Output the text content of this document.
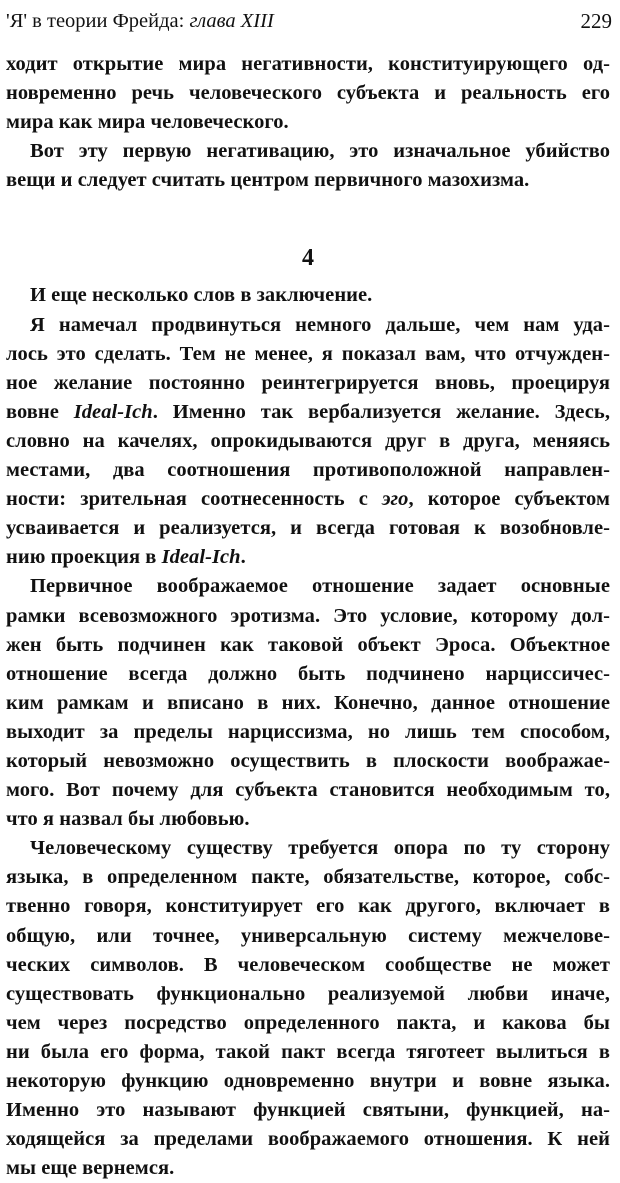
'Я' в теории Фрейда: глава XIII	229

ходит открытие мира негативности, конституирующего од-
новременно речь человеческого субъекта и реальность его
мира как мира человеческого.

Вот эту первую негативацию, это изначальное убийство
вещи и следует считать центром первичного мазохизма.

4

И еще несколько слов в заключение.

Я намечал продвинуться немного дальше, чем нам уда-
лось это сделать. Тем не менее, я показал вам, что отчужден-
ное желание постоянно реинтегрируется вновь, проецируя
вовне Ideal-Ich. Именно так вербализуется желание. Здесь,
словно на качелях, опрокидываются друг в друга, меняясь
местами, два соотношения противоположной направлен-
ности: зрительная соотнесенность с эго, которое субъектом
усваивается и реализуется, и всегда готовая к возобновле-
нию проекция в Ideal-Ich.

Первичное воображаемое отношение задает основные
рамки всевозможного эротизма. Это условие, которому дол-
жен быть подчинен как таковой объект Эроса. Объектное
отношение всегда должно быть подчинено нарциссичес-
ким рамкам и вписано в них. Конечно, данное отношение
выходит за пределы нарциссизма, но лишь тем способом,
который невозможно осуществить в плоскости воображае-
мого. Вот почему для субъекта становится необходимым то,
что я назвал бы любовью.

Человеческому существу требуется опора по ту сторону
языка, в определенном пакте, обязательстве, которое, собс-
твенно говоря, конституирует его как другого, включает в
общую, или точнее, универсальную систему межчелове-
ческих символов. В человеческом сообществе не может
существовать функционально реализуемой любви иначе,
чем через посредство определенного пакта, и какова бы
ни была его форма, такой пакт всегда тяготеет вылиться в
некоторую функцию одновременно внутри и вовне языка.
Именно это называют функцией святыни, функцией, на-
ходящейся за пределами воображаемого отношения. К ней
мы еще вернемся.
